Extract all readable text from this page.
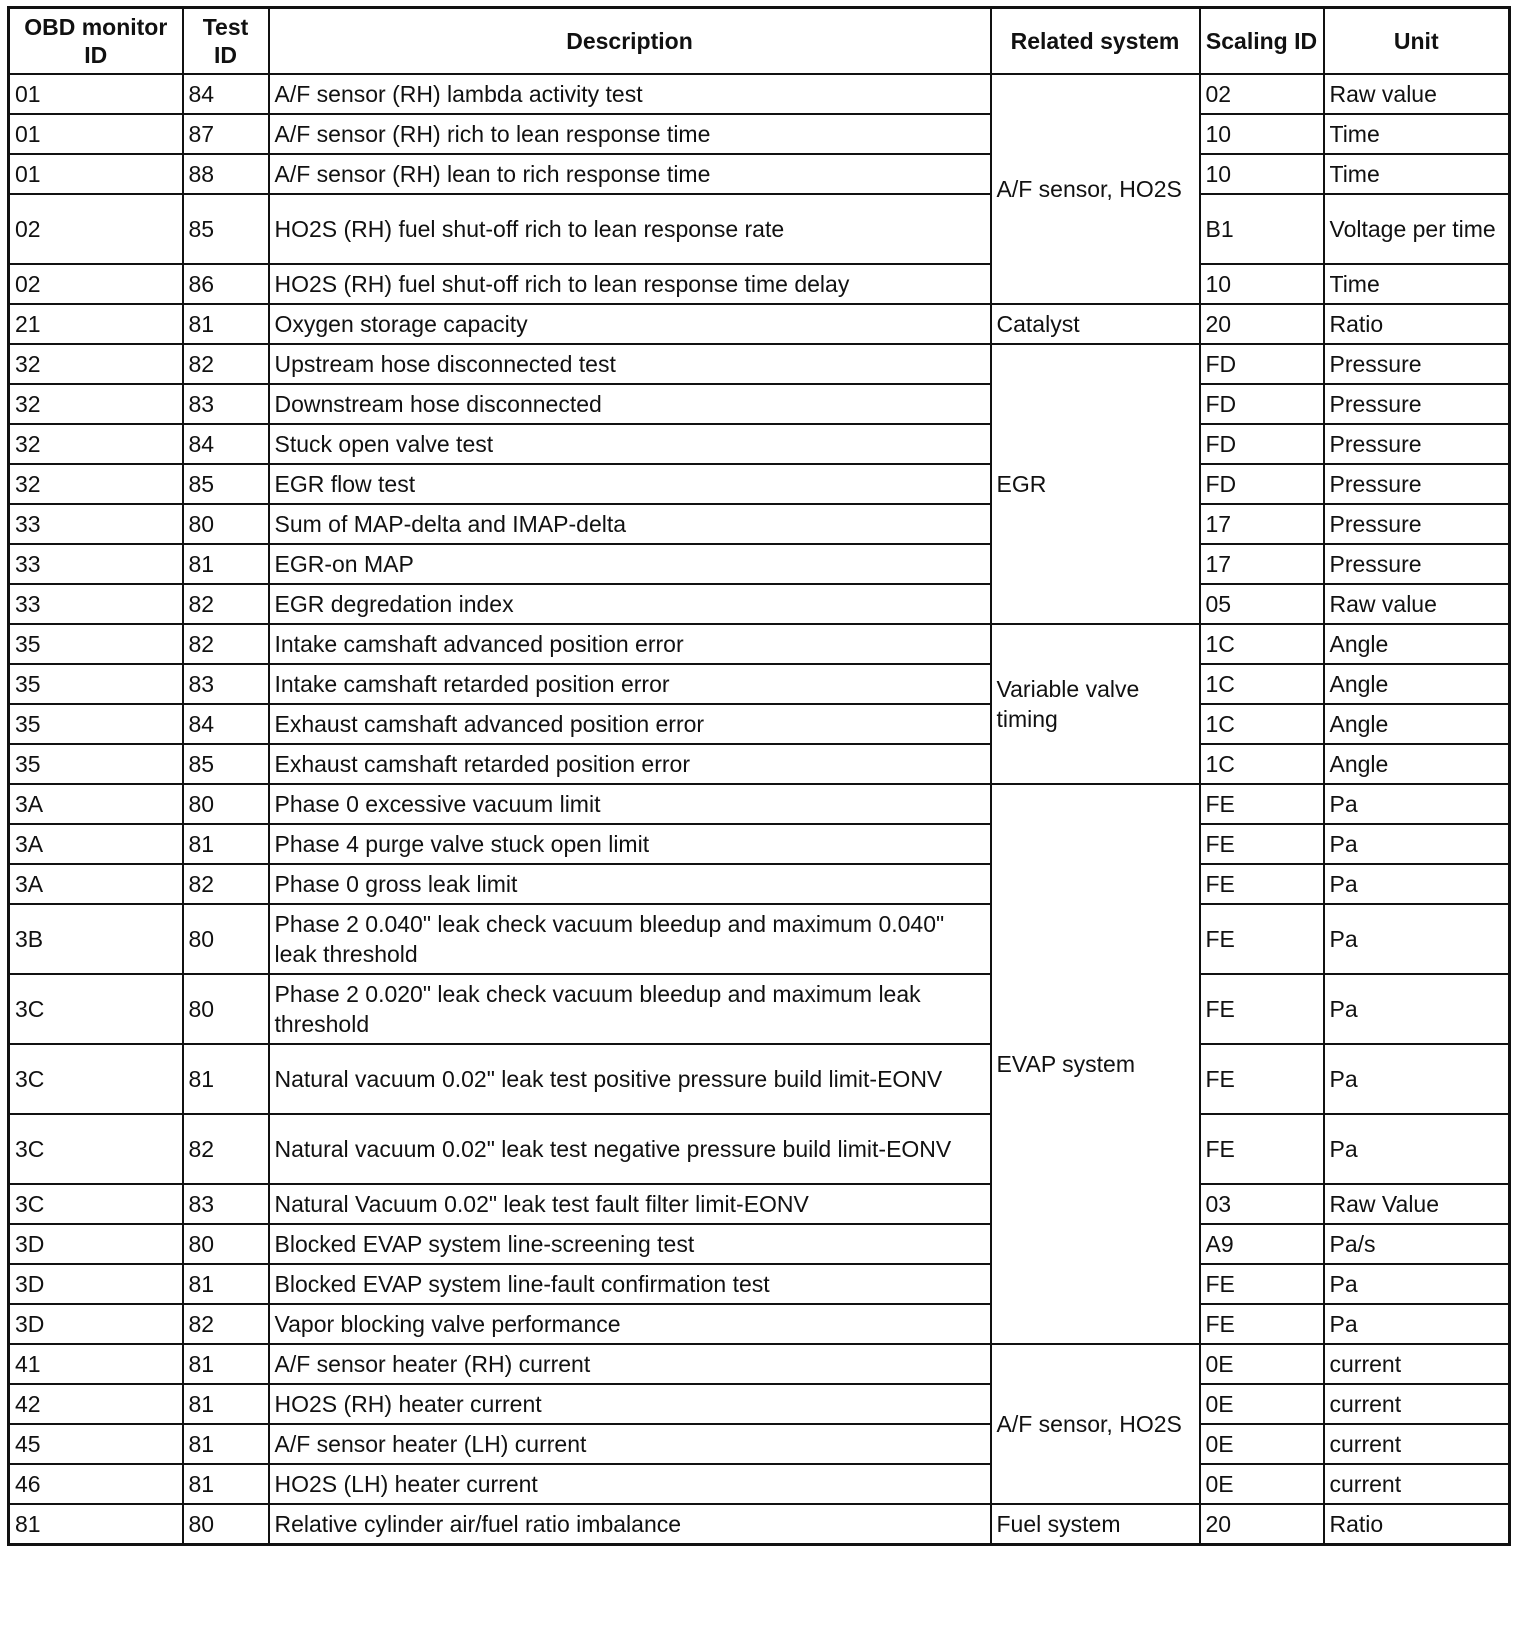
OBD monitor ID	Test ID	Description	Related system	Scaling ID	Unit
01	84	A/F sensor (RH) lambda activity test	A/F sensor, HO2S	02	Raw value
01	87	A/F sensor (RH) rich to lean response time		10	Time
01	88	A/F sensor (RH) lean to rich response time		10	Time
02	85	HO2S (RH) fuel shut-off rich to lean response rate		B1	Voltage per time
02	86	HO2S (RH) fuel shut-off rich to lean response time delay		10	Time
21	81	Oxygen storage capacity	Catalyst	20	Ratio
32	82	Upstream hose disconnected test	EGR	FD	Pressure
32	83	Downstream hose disconnected		FD	Pressure
32	84	Stuck open valve test		FD	Pressure
32	85	EGR flow test		FD	Pressure
33	80	Sum of MAP-delta and IMAP-delta		17	Pressure
33	81	EGR-on MAP		17	Pressure
33	82	EGR degredation index		05	Raw value
35	82	Intake camshaft advanced position error	Variable valve timing	1C	Angle
35	83	Intake camshaft retarded position error		1C	Angle
35	84	Exhaust camshaft advanced position error		1C	Angle
35	85	Exhaust camshaft retarded position error		1C	Angle
3A	80	Phase 0 excessive vacuum limit	EVAP system	FE	Pa
3A	81	Phase 4 purge valve stuck open limit		FE	Pa
3A	82	Phase 0 gross leak limit		FE	Pa
3B	80	Phase 2 0.040" leak check vacuum bleedup and maximum 0.040" leak threshold		FE	Pa
3C	80	Phase 2 0.020" leak check vacuum bleedup and maximum leak threshold		FE	Pa
3C	81	Natural vacuum 0.02" leak test positive pressure build limit-EONV		FE	Pa
3C	82	Natural vacuum 0.02" leak test negative pressure build limit-EONV		FE	Pa
3C	83	Natural Vacuum 0.02" leak test fault filter limit-EONV		03	Raw Value
3D	80	Blocked EVAP system line-screening test		A9	Pa/s
3D	81	Blocked EVAP system line-fault confirmation test		FE	Pa
3D	82	Vapor blocking valve performance		FE	Pa
41	81	A/F sensor heater (RH) current	A/F sensor, HO2S	0E	current
42	81	HO2S (RH) heater current		0E	current
45	81	A/F sensor heater (LH) current		0E	current
46	81	HO2S (LH) heater current		0E	current
81	80	Relative cylinder air/fuel ratio imbalance	Fuel system	20	Ratio
